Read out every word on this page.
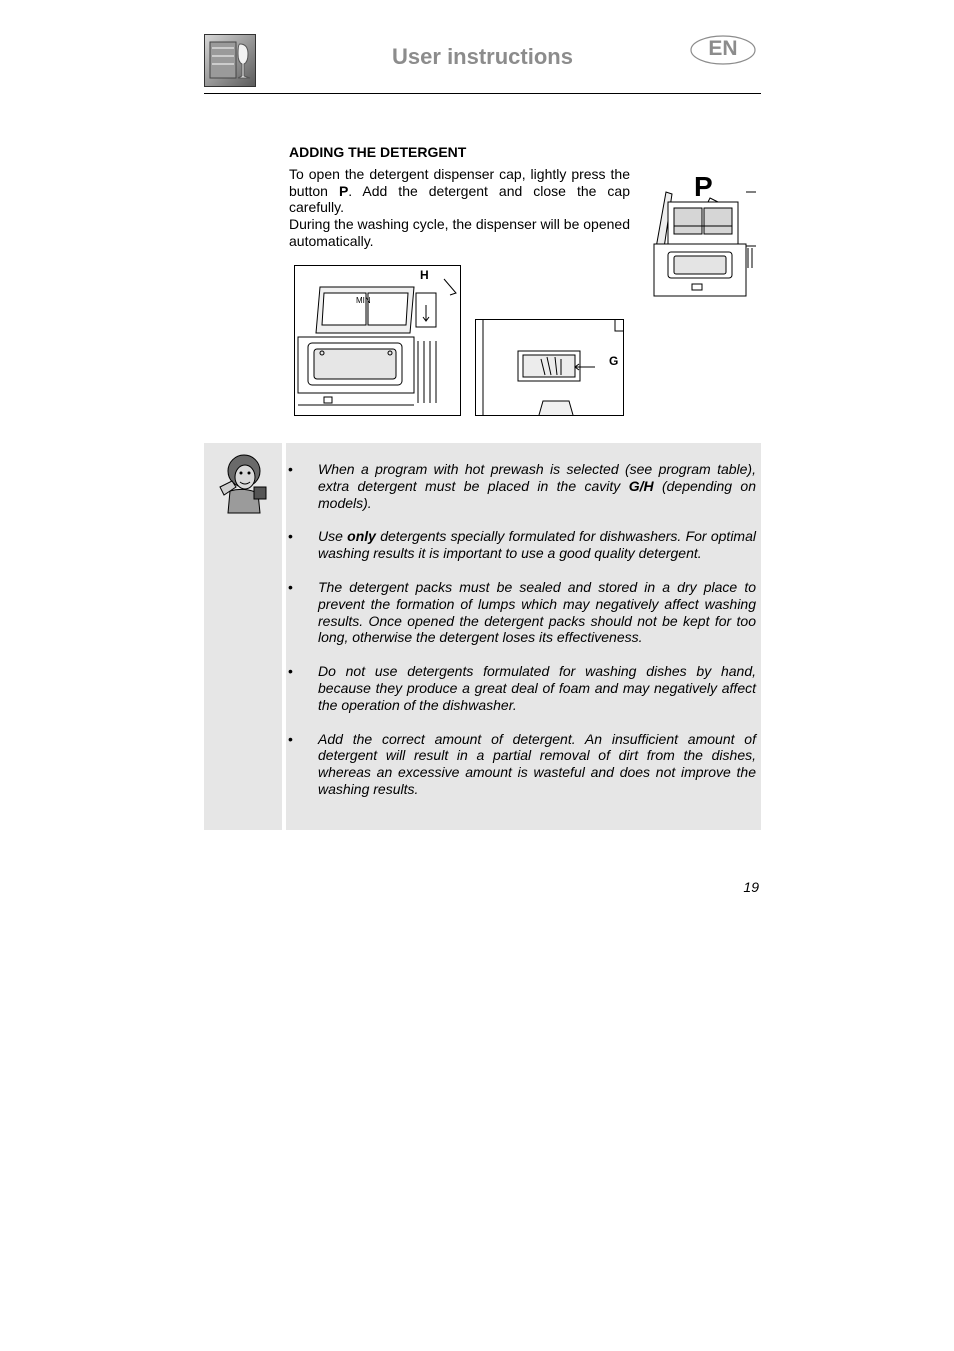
User instructions	EN
ADDING THE DETERGENT
To open the detergent dispenser cap, lightly press the button P. Add the detergent and close the cap carefully.
During the washing cycle, the dispenser will be opened automatically.
P
H
MIN
G
• When a program with hot prewash is selected (see program table), extra detergent must be placed in the cavity G/H (depending on models).
• Use only detergents specially formulated for dishwashers. For optimal washing results it is important to use a good quality detergent.
• The detergent packs must be sealed and stored in a dry place to prevent the formation of lumps which may negatively affect washing results. Once opened the detergent packs should not be kept for too long, otherwise the detergent loses its effectiveness.
• Do not use detergents formulated for washing dishes by hand, because they produce a great deal of foam and may negatively affect the operation of the dishwasher.
• Add the correct amount of detergent. An insufficient amount of detergent will result in a partial removal of dirt from the dishes, whereas an excessive amount is wasteful and does not improve the washing results.
19
